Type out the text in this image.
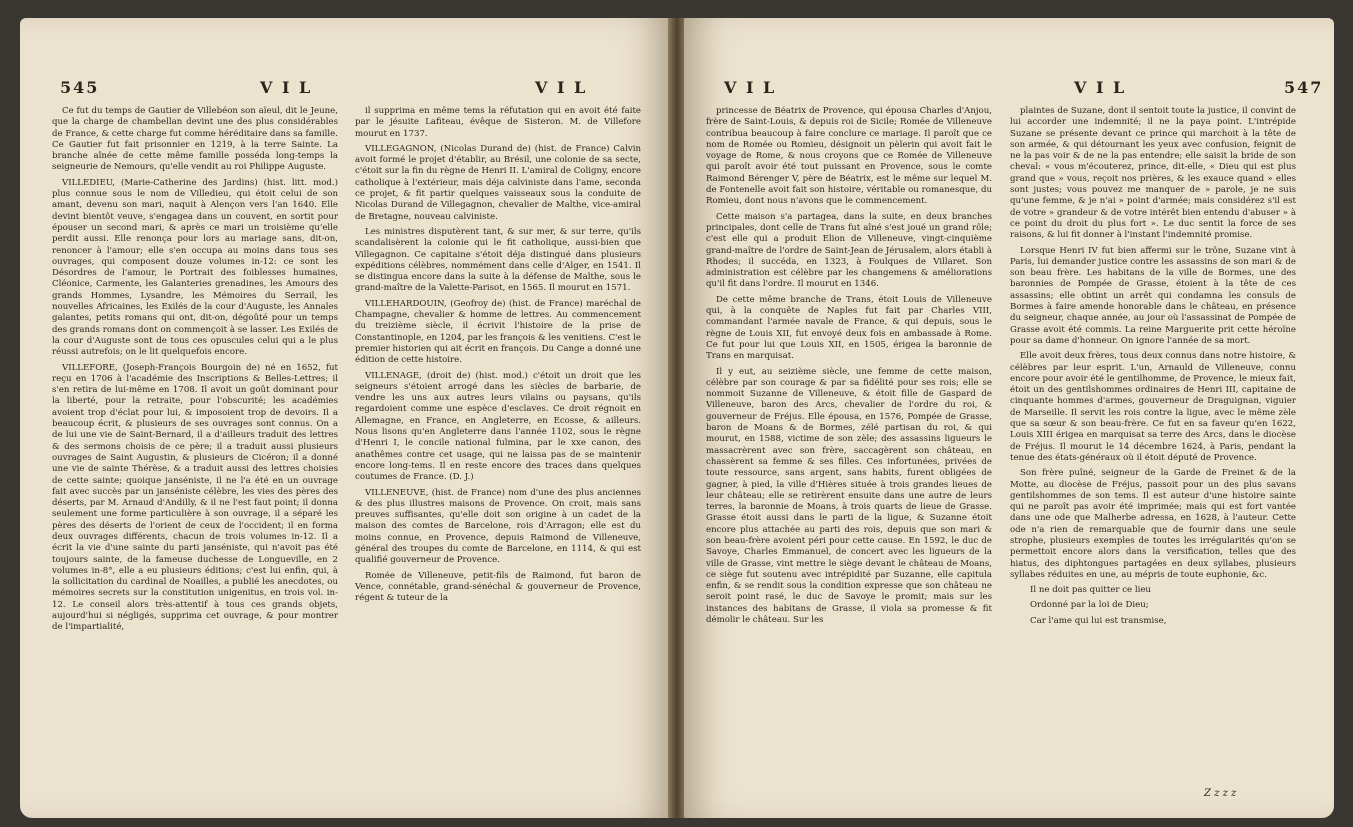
545	V I L	V I L

Ce fut du temps de Gautier de Villebéon son aïeul, dit le Jeune, que la charge de chambellan devint une des plus considérables de France, & cette charge fut comme héréditaire dans sa famille. Ce Gautier fut fait prisonnier en 1219, à la terre Sainte. La branche aînée de cette même famille posséda long-temps la seigneurie de Nemours, qu'elle vendit au roi Philippe Auguste.

VILLEDIEU, (Marie-Catherine des Jardins) (hist. litt. mod.) plus connue sous le nom de Villedieu, qui étoit celui de son amant, devenu son mari, naquit à Alençon vers l'an 1640. Elle devint bientôt veuve, s'engagea dans un couvent, en sortit pour épouser un second mari, & après ce mari un troisième qu'elle perdit aussi. Elle renonça pour lors au mariage sans, dit-on, renoncer à l'amour; elle s'en occupa au moins dans tous ses ouvrages, qui composent douze volumes in-12: ce sont les Désordres de l'amour, le Portrait des foiblesses humaines, Cléonice, Carmente, les Galanteries grenadines, les Amours des grands Hommes, Lysandre, les Mémoires du Serrail, les nouvelles Africaines, les Exilés de la cour d'Auguste, les Annales galantes, petits romans qui ont, dit-on, dégoûté pour un temps des grands romans dont on commençoit à se lasser. Les Exilés de la cour d'Auguste sont de tous ces opuscules celui qui a le plus réussi autrefois; on le lit quelquefois encore.

VILLEFORE, (Joseph-François Bourgoin de) né en 1652, fut reçu en 1706 à l'académie des Inscriptions & Belles-Lettres; il s'en retira de lui-même en 1708. Il avoit un goût dominant pour la liberté, pour la retraite, pour l'obscurité; les académies avoient trop d'éclat pour lui, & imposoient trop de devoirs. Il a beaucoup écrit, & plusieurs de ses ouvrages sont connus. On a de lui une vie de Saint-Bernard, il a d'ailleurs traduit des lettres & des sermons choisis de ce père; il a traduit aussi plusieurs ouvrages de Saint Augustin, & plusieurs de Cicéron; il a donné une vie de sainte Thérèse, & a traduit aussi des lettres choisies de cette sainte; quoique janséniste, il ne l'a été en un ouvrage fait avec succès par un janséniste célèbre, les vies des pères des déserts, par M. Arnaud d'Andilly, & il ne l'est faut point; il donna seulement une forme particulière à son ouvrage, il a séparé les pères des déserts de l'orient de ceux de l'occident; il en forma deux ouvrages différents, chacun de trois volumes in-12. Il a écrit la vie d'une sainte du parti janséniste, qui n'avoit pas été toujours sainte, de la fameuse duchesse de Longueville, en 2 volumes in-8°, elle a eu plusieurs éditions; c'est lui enfin, qui, à la sollicitation du cardinal de Noailles, a publié les anecdotes, ou mémoires secrets sur la constitution unigenitus, en trois vol. in-12. Le conseil alors très-attentif à tous ces grands objets, aujourd'hui si négligés, supprima cet ouvrage, & pour montrer de l'impartialité,

il supprima en même tems la réfutation qui en avoit été faite par le jésuite Lafiteau, évêque de Sisteron. M. de Villefore mourut en 1737.

VILLEGAGNON, (Nicolas Durand de) (hist. de France) Calvin avoit formé le projet d'établir, au Brésil, une colonie de sa secte, c'étoit sur la fin du règne de Henri II. L'amiral de Coligny, encore catholique à l'extérieur, mais déja calviniste dans l'ame, seconda ce projet, & fit partir quelques vaisseaux sous la conduite de Nicolas Durand de Villegagnon, chevalier de Malthe, vice-amiral de Bretagne, nouveau calviniste.

Les ministres disputèrent tant, & sur mer, & sur terre, qu'ils scandalisèrent la colonie qui le fit catholique, aussi-bien que Villegagnon. Ce capitaine s'étoit déja distingué dans plusieurs expéditions célèbres, nommément dans celle d'Alger, en 1541. Il se distingua encore dans la suite à la défense de Malthe, sous le grand-maître de la Valette-Parisot, en 1565. Il mourut en 1571.

VILLEHARDOUIN, (Geofroy de) (hist. de France) maréchal de Champagne, chevalier & homme de lettres. Au commencement du treizième siècle, il écrivit l'histoire de la prise de Constantinople, en 1204, par les françois & les venitiens. C'est le premier historien qui ait écrit en françois. Du Cange a donné une édition de cette histoire.

VILLENAGE, (droit de) (hist. mod.) c'étoit un droit que les seigneurs s'étoient arrogé dans les siècles de barbarie, de vendre les uns aux autres leurs vilains ou paysans, qu'ils regardoient comme une espèce d'esclaves. Ce droit régnoit en Allemagne, en France, en Angleterre, en Ecosse, & ailleurs. Nous lisons qu'en Angleterre dans l'année 1102, sous le règne d'Henri I, le concile national fulmina, par le xxe canon, des anathêmes contre cet usage, qui ne laissa pas de se maintenir encore long-tems. Il en reste encore des traces dans quelques coutumes de France. (D. J.)

VILLENEUVE, (hist. de France) nom d'une des plus anciennes & des plus illustres maisons de Provence. On croit, mais sans preuves suffisantes, qu'elle doit son origine à un cadet de la maison des comtes de Barcelone, rois d'Arragon; elle est du moins connue, en Provence, depuis Raimond de Villeneuve, général des troupes du comte de Barcelone, en 1114, & qui est qualifié gouverneur de Provence.

Romée de Villeneuve, petit-fils de Raimond, fut baron de Vence, connétable, grand-sénéchal & gouverneur de Provence, régent & tuteur de la

V I L	V I L	547

princesse de Béatrix de Provence, qui épousa Charles d'Anjou, frère de Saint-Louis, & depuis roi de Sicile; Romée de Villeneuve contribua beaucoup à faire conclure ce mariage. Il paroît que ce nom de Romée ou Romieu, désignoit un pèlerin qui avoit fait le voyage de Rome, & nous croyons que ce Romée de Villeneuve qui paroît avoir été tout puissant en Provence, sous le comte Raimond Bérenger V, père de Béatrix, est le même sur lequel M. de Fontenelle avoit fait son histoire, véritable ou romanesque, du Romieu, dont nous n'avons que le commencement.

Cette maison s'a partagea, dans la suite, en deux branches principales, dont celle de Trans fut aîné s'est joué un grand rôle; c'est elle qui a produit Elion de Villeneuve, vingt-cinquième grand-maître de l'ordre de Saint-Jean de Jérusalem, alors établi à Rhodes; il succéda, en 1323, à Foulques de Villaret. Son administration est célèbre par les changemens & améliorations qu'il fit dans l'ordre. Il mourut en 1346.

De cette même branche de Trans, étoit Louis de Villeneuve qui, à la conquête de Naples fut fait par Charles VIII, commandant l'armée navale de France, & qui depuis, sous le règne de Louis XII, fut envoyé deux fois en ambassade à Rome. Ce fut pour lui que Louis XII, en 1505, érigea la baronnie de Trans en marquisat.

Il y eut, au seizième siècle, une femme de cette maison, célèbre par son courage & par sa fidélité pour ses rois; elle se nommoit Suzanne de Villeneuve, & étoit fille de Gaspard de Villeneuve, baron des Arcs, chevalier de l'ordre du roi, & gouverneur de Fréjus. Elle épousa, en 1576, Pompée de Grasse, baron de Moans & de Bormes, zélé partisan du roi, & qui mourut, en 1588, victime de son zèle; des assassins ligueurs le massacrèrent avec son frère, saccagèrent son château, en chassèrent sa femme & ses filles. Ces infortunées, privées de toute ressource, sans argent, sans habits, furent obligées de gagner, à pied, la ville d'Hières située à trois grandes lieues de leur château; elle se retirèrent ensuite dans une autre de leurs terres, la baronnie de Moans, à trois quarts de lieue de Grasse. Grasse étoit aussi dans le parti de la ligue, & Suzanne étoit encore plus attachée au parti des rois, depuis que son mari & son beau-frère avoient péri pour cette cause. En 1592, le duc de Savoye, Charles Emmanuel, de concert avec les ligueurs de la ville de Grasse, vint mettre le siège devant le château de Moans, ce siège fut soutenu avec intrépidité par Suzanne, elle capitula enfin, & se rendit sous la condition expresse que son château ne seroit point rasé, le duc de Savoye le promit; mais sur les instances des habitans de Grasse, il viola sa promesse & fit démolir le château. Sur les

plaintes de Suzane, dont il sentoit toute la justice, il convint de lui accorder une indemnité; il ne la paya point. L'intrépide Suzane se présente devant ce prince qui marchoit à la tête de son armée, & qui détournant les yeux avec confusion, feignit de ne la pas voir & de ne la pas entendre; elle saisit la bride de son cheval: « vous m'écouterez, prince, dit-elle, « Dieu qui est plus grand que » vous, reçoit nos prières, & les exauce quand » elles sont justes; vous pouvez me manquer de » parole, je ne suis qu'une femme, & je n'ai » point d'armée; mais considérez s'il est de votre » grandeur & de votre intérêt bien entendu d'abuser » à ce point du droit du plus fort ». Le duc sentit la force de ses raisons, & lui fit donner à l'instant l'indemnité promise.

Lorsque Henri IV fut bien affermi sur le trône, Suzane vint à Paris, lui demander justice contre les assassins de son mari & de son beau frère. Les habitans de la ville de Bormes, une des baronnies de Pompée de Grasse, étoient à la tête de ces assassins; elle obtint un arrêt qui condamna les consuls de Bormes à faire amende honorable dans le château, en présence du seigneur, chaque année, au jour où l'assassinat de Pompée de Grasse avoit été commis. La reine Marguerite prit cette héroïne pour sa dame d'honneur. On ignore l'année de sa mort.

Elle avoit deux frères, tous deux connus dans notre histoire, & célèbres par leur esprit. L'un, Arnauld de Villeneuve, connu encore pour avoir été le gentilhomme, de Provence, le mieux fait, étoit un des gentilshommes ordinaires de Henri III, capitaine de cinquante hommes d'armes, gouverneur de Draguignan, viguier de Marseille. Il servit les rois contre la ligue, avec le même zèle que sa sœur & son beau-frère. Ce fut en sa faveur qu'en 1622, Louis XIII érigea en marquisat sa terre des Arcs, dans le diocèse de Fréjus. Il mourut le 14 décembre 1624, à Paris, pendant la tenue des états-généraux où il étoit député de Provence.

Son frère puîné, seigneur de la Garde de Freinet & de la Motte, au diocèse de Fréjus, passoit pour un des plus savans gentilshommes de son tems. Il est auteur d'une histoire sainte qui ne paroît pas avoir été imprimée; mais qui est fort vantée dans une ode que Malherbe adressa, en 1628, à l'auteur. Cette ode n'a rien de remarquable que de fournir dans une seule strophe, plusieurs exemples de toutes les irrégularités qu'on se permettoit encore alors dans la versification, telles que des hiatus, des diphtongues partagées en deux syllabes, plusieurs syllabes réduites en une, au mépris de toute euphonie, &c.

Il ne doit pas quitter ce lieu

Ordonné par la loi de Dieu;

Car l'ame qui lui est transmise,

Z z z z
